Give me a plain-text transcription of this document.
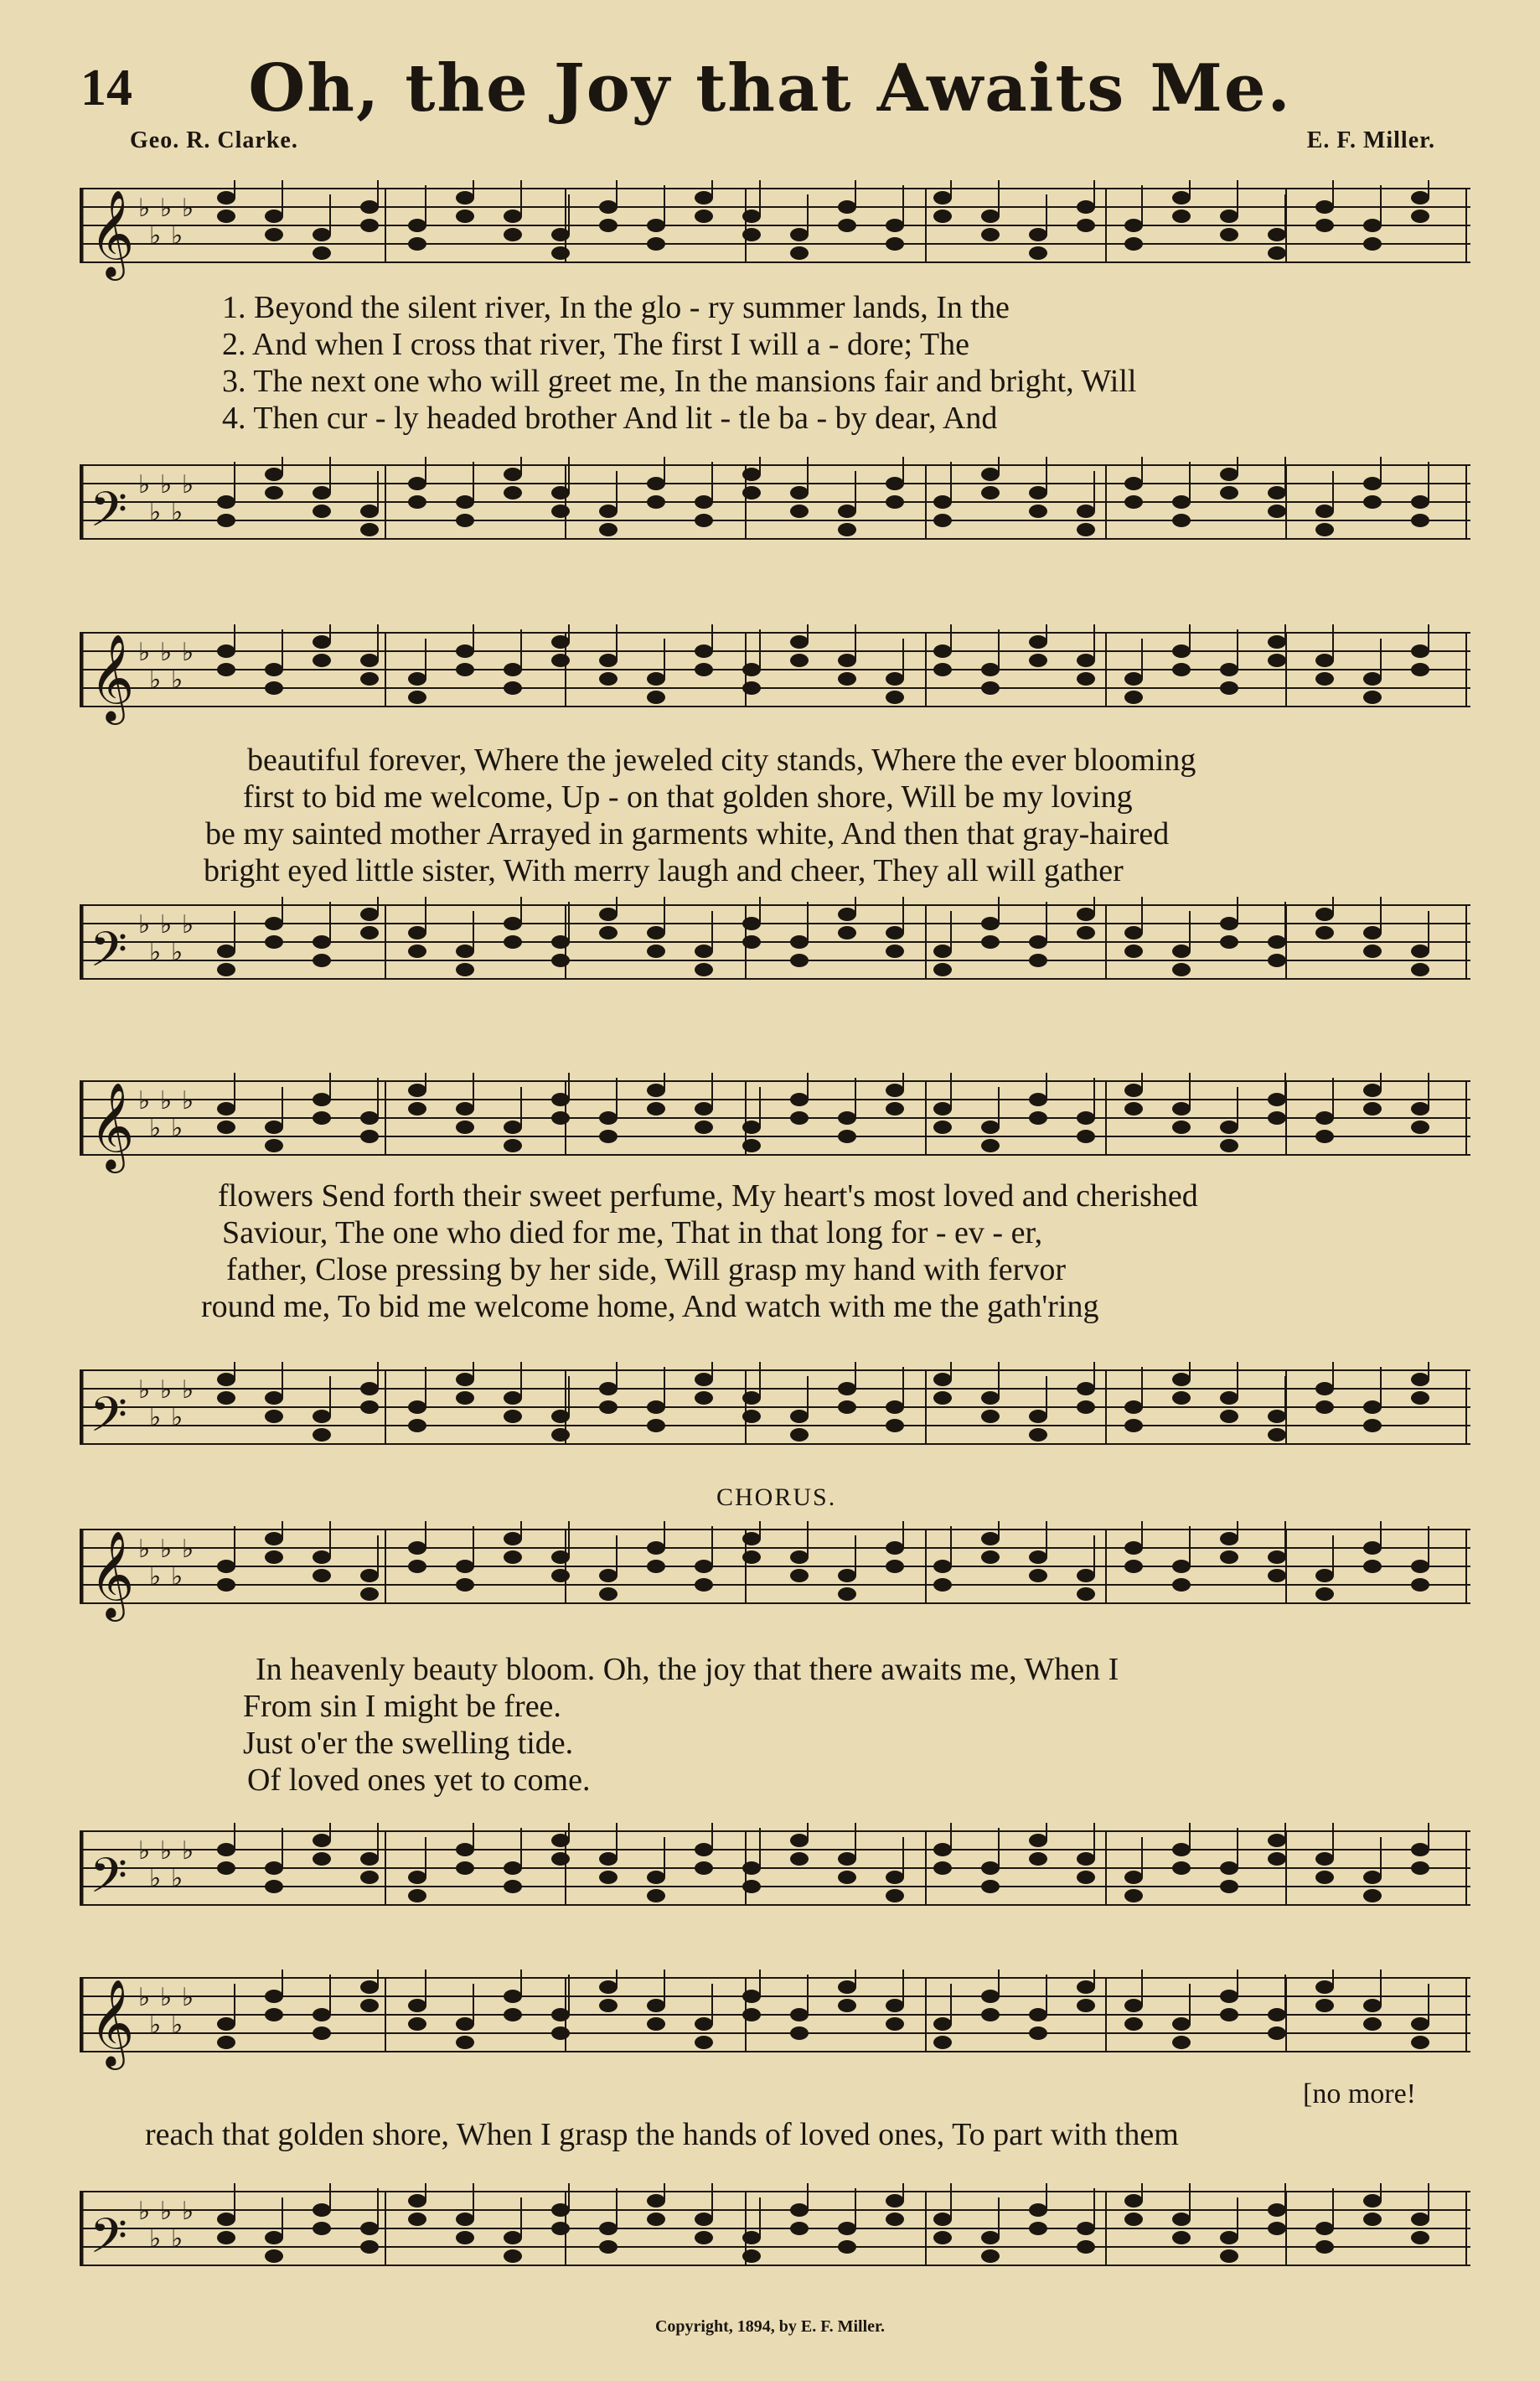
14	Oh, the Joy that Awaits Me.
Geo. R. Clarke.	E. F. Miller.
𝄞 ♭
♭
♭
♭
♭
1. Beyond the silent river, In the glo - ry summer lands, In the
2. And when I cross that river, The first I will a - dore; The
3. The next one who will greet me, In the mansions fair and bright, Will
4. Then cur - ly headed brother And lit - tle ba - by dear, And
𝄢 ♭
♭
♭
♭
♭
𝄞 ♭
♭
♭
♭
♭
beautiful forever, Where the jeweled city stands, Where the ever blooming
first to bid me welcome, Up - on that golden shore, Will be my loving
be my sainted mother Arrayed in garments white, And then that gray-haired
bright eyed little sister, With merry laugh and cheer, They all will gather
𝄢 ♭
♭
♭
♭
♭
𝄞 ♭
♭
♭
♭
♭
flowers Send forth their sweet perfume, My heart's most loved and cherished
Saviour, The one who died for me, That in that long for - ev - er,
father, Close pressing by her side, Will grasp my hand with fervor
round me, To bid me welcome home, And watch with me the gath'ring
𝄢 ♭
♭
♭
♭
♭
CHORUS.
𝄞 ♭
♭
♭
♭
♭
In heavenly beauty bloom. Oh, the joy that there awaits me, When I
From sin I might be free.
Just o'er the swelling tide.
Of loved ones yet to come.
𝄢 ♭
♭
♭
♭
♭
𝄞 ♭
♭
♭
♭
♭
[no more!
reach that golden shore, When I grasp the hands of loved ones, To part with them
𝄢 ♭
♭
♭
♭
♭
Copyright, 1894, by E. F. Miller.
